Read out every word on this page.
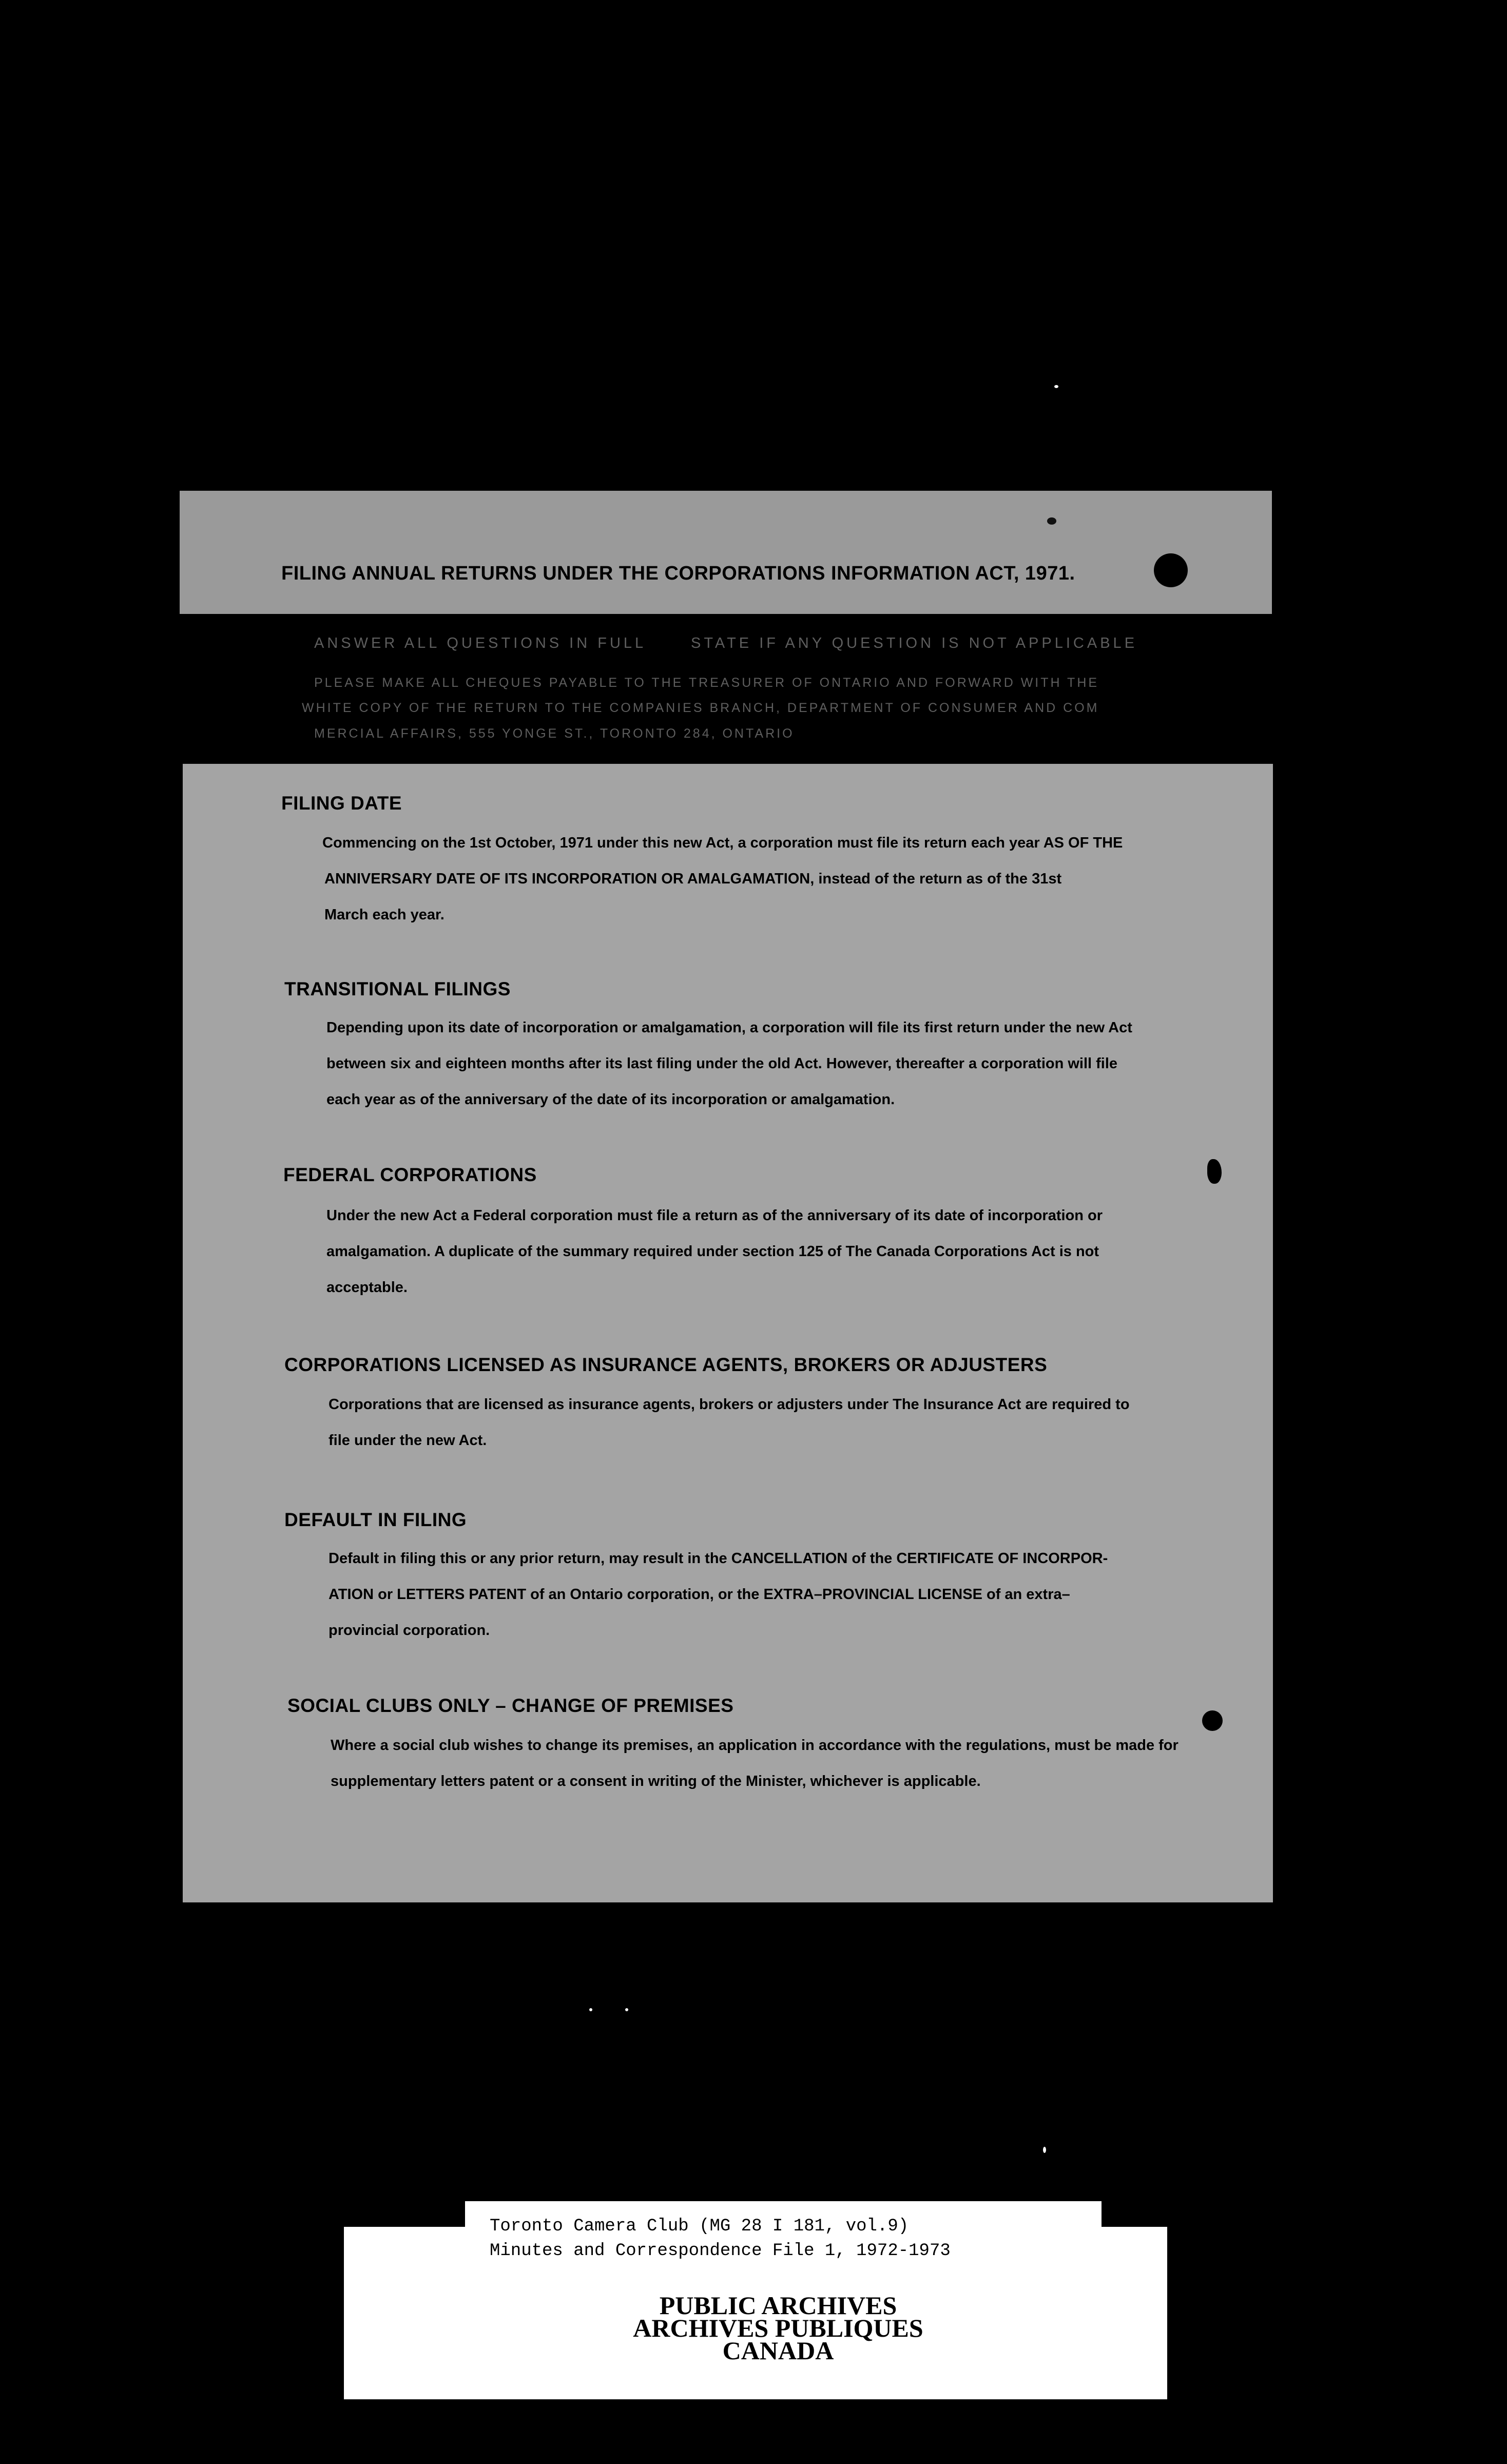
FILING ANNUAL RETURNS UNDER THE CORPORATIONS INFORMATION ACT, 1971.
ANSWER ALL QUESTIONS IN FULL	STATE IF ANY QUESTION IS NOT APPLICABLE
PLEASE MAKE ALL CHEQUES PAYABLE TO THE TREASURER OF ONTARIO AND FORWARD WITH THE
WHITE COPY OF THE RETURN TO THE COMPANIES BRANCH, DEPARTMENT OF CONSUMER AND COM
MERCIAL AFFAIRS, 555 YONGE ST., TORONTO 284, ONTARIO
FILING DATE
Commencing on the 1st October, 1971 under this new Act, a corporation must file its return each year AS OF THE
ANNIVERSARY DATE OF ITS INCORPORATION OR AMALGAMATION, instead of the return as of the 31st
March each year.
TRANSITIONAL FILINGS
Depending upon its date of incorporation or amalgamation, a corporation will file its first return under the new Act
between six and eighteen months after its last filing under the old Act. However, thereafter a corporation will file
each year as of the anniversary of the date of its incorporation or amalgamation.
FEDERAL CORPORATIONS
Under the new Act a Federal corporation must file a return as of the anniversary of its date of incorporation or
amalgamation. A duplicate of the summary required under section 125 of The Canada Corporations Act is not
acceptable.
CORPORATIONS LICENSED AS INSURANCE AGENTS, BROKERS OR ADJUSTERS
Corporations that are licensed as insurance agents, brokers or adjusters under The Insurance Act are required to
file under the new Act.
DEFAULT IN FILING
Default in filing this or any prior return, may result in the CANCELLATION of the CERTIFICATE OF INCORPOR-
ATION or LETTERS PATENT of an Ontario corporation, or the EXTRA–PROVINCIAL LICENSE of an extra–
provincial corporation.
SOCIAL CLUBS ONLY – CHANGE OF PREMISES
Where a social club wishes to change its premises, an application in accordance with the regulations, must be made for
supplementary letters patent or a consent in writing of the Minister, whichever is applicable.
Toronto Camera Club (MG 28 I 181, vol.9)
Minutes and Correspondence File 1, 1972-1973
PUBLIC ARCHIVES
ARCHIVES PUBLIQUES
CANADA
